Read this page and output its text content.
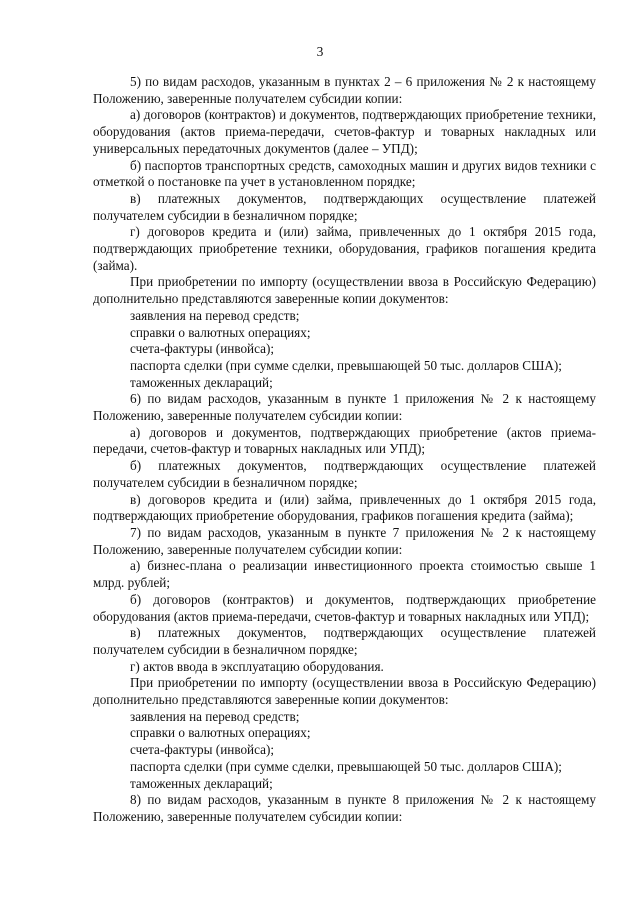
3

5) по видам расходов, указанным в пунктах 2 – 6 приложения № 2 к настоящему Положению, заверенные получателем субсидии копии:

а) договоров (контрактов) и документов, подтверждающих приобретение техники, оборудования (актов приема-передачи, счетов-фактур и товарных накладных или универсальных передаточных документов (далее – УПД);

б) паспортов транспортных средств, самоходных машин и других видов техники с отметкой о постановке па учет в установленном порядке;

в) платежных документов, подтверждающих осуществление платежей получателем субсидии в безналичном порядке;

г) договоров кредита и (или) займа, привлеченных до 1 октября 2015 года, подтверждающих приобретение техники, оборудования, графиков погашения кредита (займа).

При приобретении по импорту (осуществлении ввоза в Российскую Федерацию) дополнительно представляются заверенные копии документов:

заявления на перевод средств;

справки о валютных операциях;

счета-фактуры (инвойса);

паспорта сделки (при сумме сделки, превышающей 50 тыс. долларов США);

таможенных деклараций;

6) по видам расходов, указанным в пункте 1 приложения № 2 к настоящему Положению, заверенные получателем субсидии копии:

а) договоров и документов, подтверждающих приобретение (актов приема-передачи, счетов-фактур и товарных накладных или УПД);

б) платежных документов, подтверждающих осуществление платежей получателем субсидии в безналичном порядке;

в) договоров кредита и (или) займа, привлеченных до 1 октября 2015 года, подтверждающих приобретение оборудования, графиков погашения кредита (займа);

7) по видам расходов, указанным в пункте 7 приложения № 2 к настоящему Положению, заверенные получателем субсидии копии:

а) бизнес-плана о реализации инвестиционного проекта стоимостью свыше 1 млрд. рублей;

б) договоров (контрактов) и документов, подтверждающих приобретение оборудования (актов приема-передачи, счетов-фактур и товарных накладных или УПД);

в) платежных документов, подтверждающих осуществление платежей получателем субсидии в безналичном порядке;

г) актов ввода в эксплуатацию оборудования.

При приобретении по импорту (осуществлении ввоза в Российскую Федерацию) дополнительно представляются заверенные копии документов:

заявления на перевод средств;

справки о валютных операциях;

счета-фактуры (инвойса);

паспорта сделки (при сумме сделки, превышающей 50 тыс. долларов США);

таможенных деклараций;

8) по видам расходов, указанным в пункте 8 приложения № 2 к настоящему Положению, заверенные получателем субсидии копии:
